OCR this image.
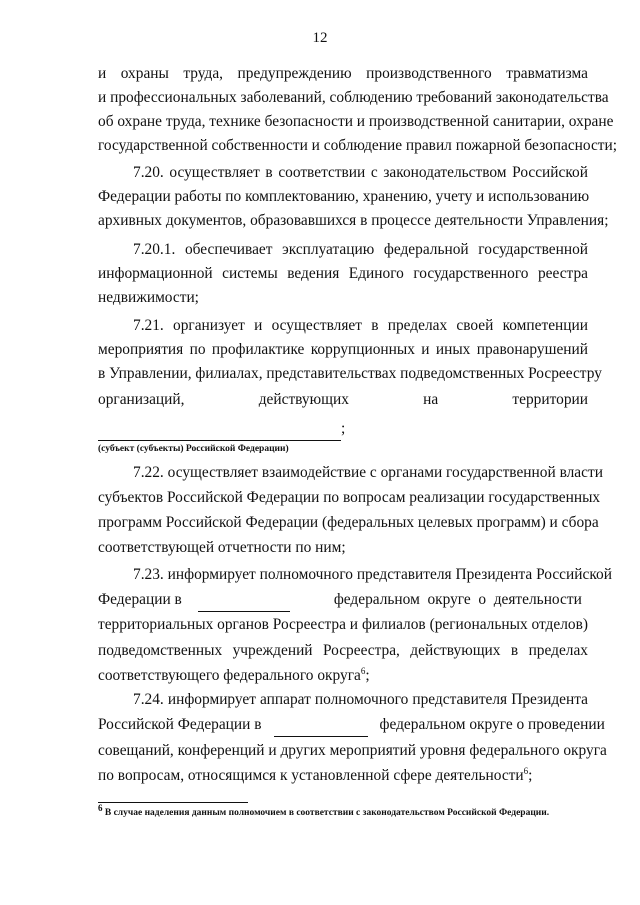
12
и охраны труда, предупреждению производственного травматизма
и профессиональных заболеваний, соблюдению требований законодательства
об охране труда, технике безопасности и производственной санитарии, охране
государственной собственности и соблюдение правил пожарной безопасности;
7.20. осуществляет в соответствии с законодательством Российской
Федерации работы по комплектованию, хранению, учету и использованию
архивных документов, образовавшихся в процессе деятельности Управления;
7.20.1. обеспечивает эксплуатацию федеральной государственной
информационной системы ведения Единого государственного реестра
недвижимости;
7.21. организует и осуществляет в пределах своей компетенции
мероприятия по профилактике коррупционных и иных правонарушений
в Управлении, филиалах, представительствах подведомственных Росреестру
организаций, действующих на территории
;
(субъект (субъекты) Российской Федерации)
7.22. осуществляет взаимодействие с органами государственной власти
субъектов Российской Федерации по вопросам реализации государственных
программ Российской Федерации (федеральных целевых программ) и сбора
соответствующей отчетности по ним;
7.23. информирует полномочного представителя Президента Российской
Федерации в	федеральном округе о деятельности
территориальных органов Росреестра и филиалов (региональных отделов)
подведомственных учреждений Росреестра, действующих в пределах
соответствующего федерального округа$^6$;
7.24. информирует аппарат полномочного представителя Президента
Российской Федерации в	федеральном округе о проведении
совещаний, конференций и других мероприятий уровня федерального округа
по вопросам, относящимся к установленной сфере деятельности$^6$;
$^6$ В случае наделения данным полномочием в соответствии с законодательством Российской Федерации.
